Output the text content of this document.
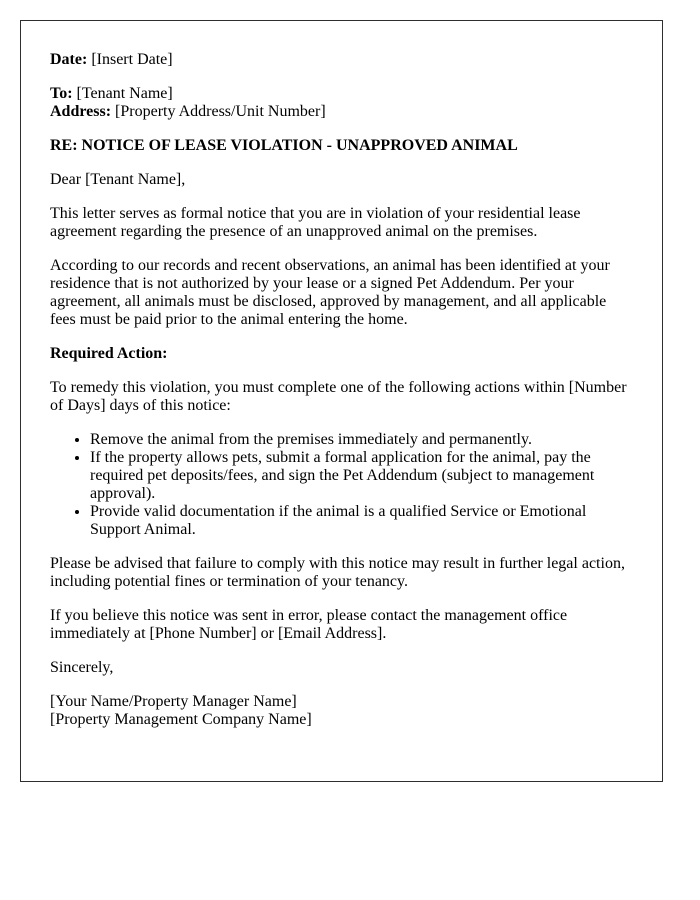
Date: [Insert Date]
To: [Tenant Name]
Address: [Property Address/Unit Number]
RE: NOTICE OF LEASE VIOLATION - UNAPPROVED ANIMAL
Dear [Tenant Name],
This letter serves as formal notice that you are in violation of your residential lease agreement regarding the presence of an unapproved animal on the premises.
According to our records and recent observations, an animal has been identified at your residence that is not authorized by your lease or a signed Pet Addendum. Per your agreement, all animals must be disclosed, approved by management, and all applicable fees must be paid prior to the animal entering the home.
Required Action:
To remedy this violation, you must complete one of the following actions within [Number of Days] days of this notice:
• Remove the animal from the premises immediately and permanently.
• If the property allows pets, submit a formal application for the animal, pay the required pet deposits/fees, and sign the Pet Addendum (subject to management approval).
• Provide valid documentation if the animal is a qualified Service or Emotional Support Animal.
Please be advised that failure to comply with this notice may result in further legal action, including potential fines or termination of your tenancy.
If you believe this notice was sent in error, please contact the management office immediately at [Phone Number] or [Email Address].
Sincerely,
[Your Name/Property Manager Name]
[Property Management Company Name]
